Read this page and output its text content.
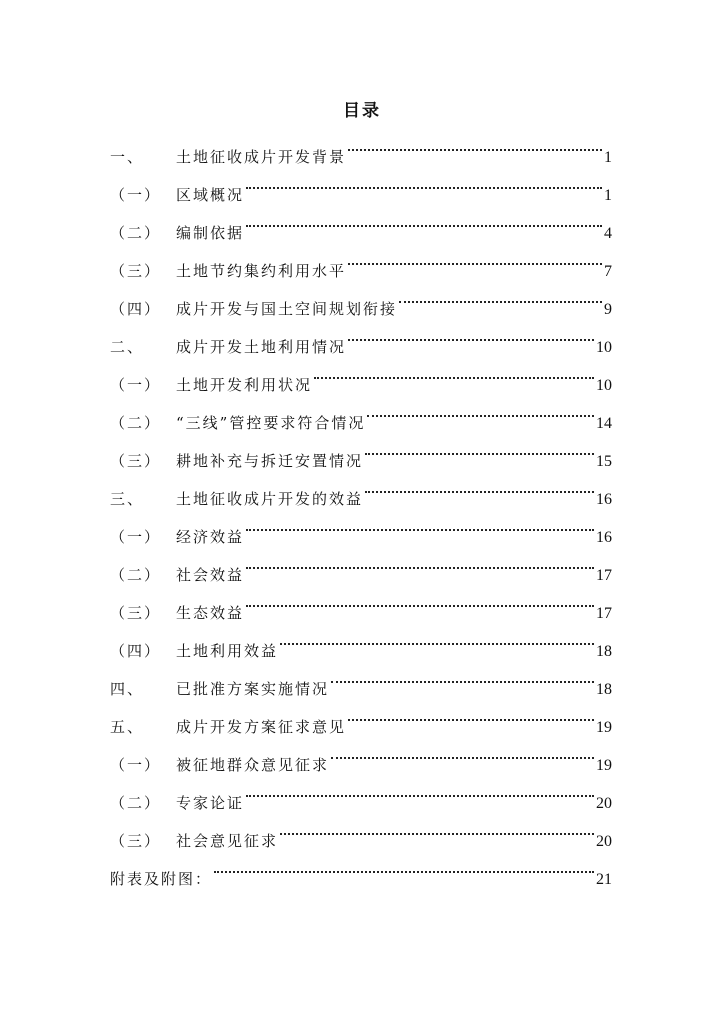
目录
一、	土地征收成片开发背景	1
（一） 区域概况	1
（二） 编制依据	4
（三） 土地节约集约利用水平	7
（四） 成片开发与国土空间规划衔接	9
二、	成片开发土地利用情况	10
（一） 土地开发利用状况	10
（二） “三线”管控要求符合情况	14
（三） 耕地补充与拆迁安置情况	15
三、	土地征收成片开发的效益	16
（一） 经济效益	16
（二） 社会效益	17
（三） 生态效益	17
（四） 土地利用效益	18
四、	已批准方案实施情况	18
五、	成片开发方案征求意见	19
（一） 被征地群众意见征求	19
（二） 专家论证	20
（三） 社会意见征求	20
附表及附图：	21
